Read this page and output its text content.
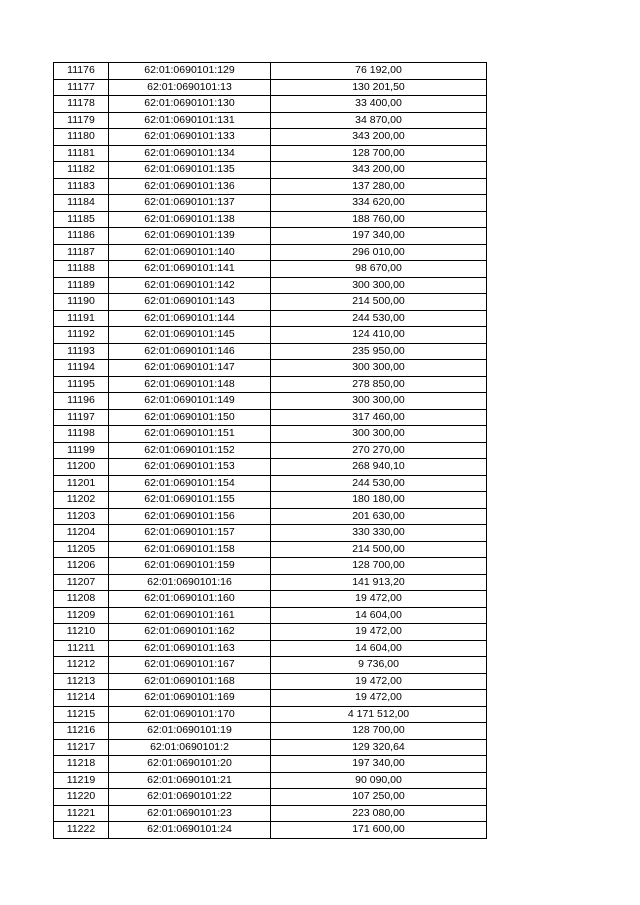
11176	62:01:0690101:129	76 192,00
11177	62:01:0690101:13	130 201,50
11178	62:01:0690101:130	33 400,00
11179	62:01:0690101:131	34 870,00
11180	62:01:0690101:133	343 200,00
11181	62:01:0690101:134	128 700,00
11182	62:01:0690101:135	343 200,00
11183	62:01:0690101:136	137 280,00
11184	62:01:0690101:137	334 620,00
11185	62:01:0690101:138	188 760,00
11186	62:01:0690101:139	197 340,00
11187	62:01:0690101:140	296 010,00
11188	62:01:0690101:141	98 670,00
11189	62:01:0690101:142	300 300,00
11190	62:01:0690101:143	214 500,00
11191	62:01:0690101:144	244 530,00
11192	62:01:0690101:145	124 410,00
11193	62:01:0690101:146	235 950,00
11194	62:01:0690101:147	300 300,00
11195	62:01:0690101:148	278 850,00
11196	62:01:0690101:149	300 300,00
11197	62:01:0690101:150	317 460,00
11198	62:01:0690101:151	300 300,00
11199	62:01:0690101:152	270 270,00
11200	62:01:0690101:153	268 940,10
11201	62:01:0690101:154	244 530,00
11202	62:01:0690101:155	180 180,00
11203	62:01:0690101:156	201 630,00
11204	62:01:0690101:157	330 330,00
11205	62:01:0690101:158	214 500,00
11206	62:01:0690101:159	128 700,00
11207	62:01:0690101:16	141 913,20
11208	62:01:0690101:160	19 472,00
11209	62:01:0690101:161	14 604,00
11210	62:01:0690101:162	19 472,00
11211	62:01:0690101:163	14 604,00
11212	62:01:0690101:167	9 736,00
11213	62:01:0690101:168	19 472,00
11214	62:01:0690101:169	19 472,00
11215	62:01:0690101:170	4 171 512,00
11216	62:01:0690101:19	128 700,00
11217	62:01:0690101:2	129 320,64
11218	62:01:0690101:20	197 340,00
11219	62:01:0690101:21	90 090,00
11220	62:01:0690101:22	107 250,00
11221	62:01:0690101:23	223 080,00
11222	62:01:0690101:24	171 600,00
